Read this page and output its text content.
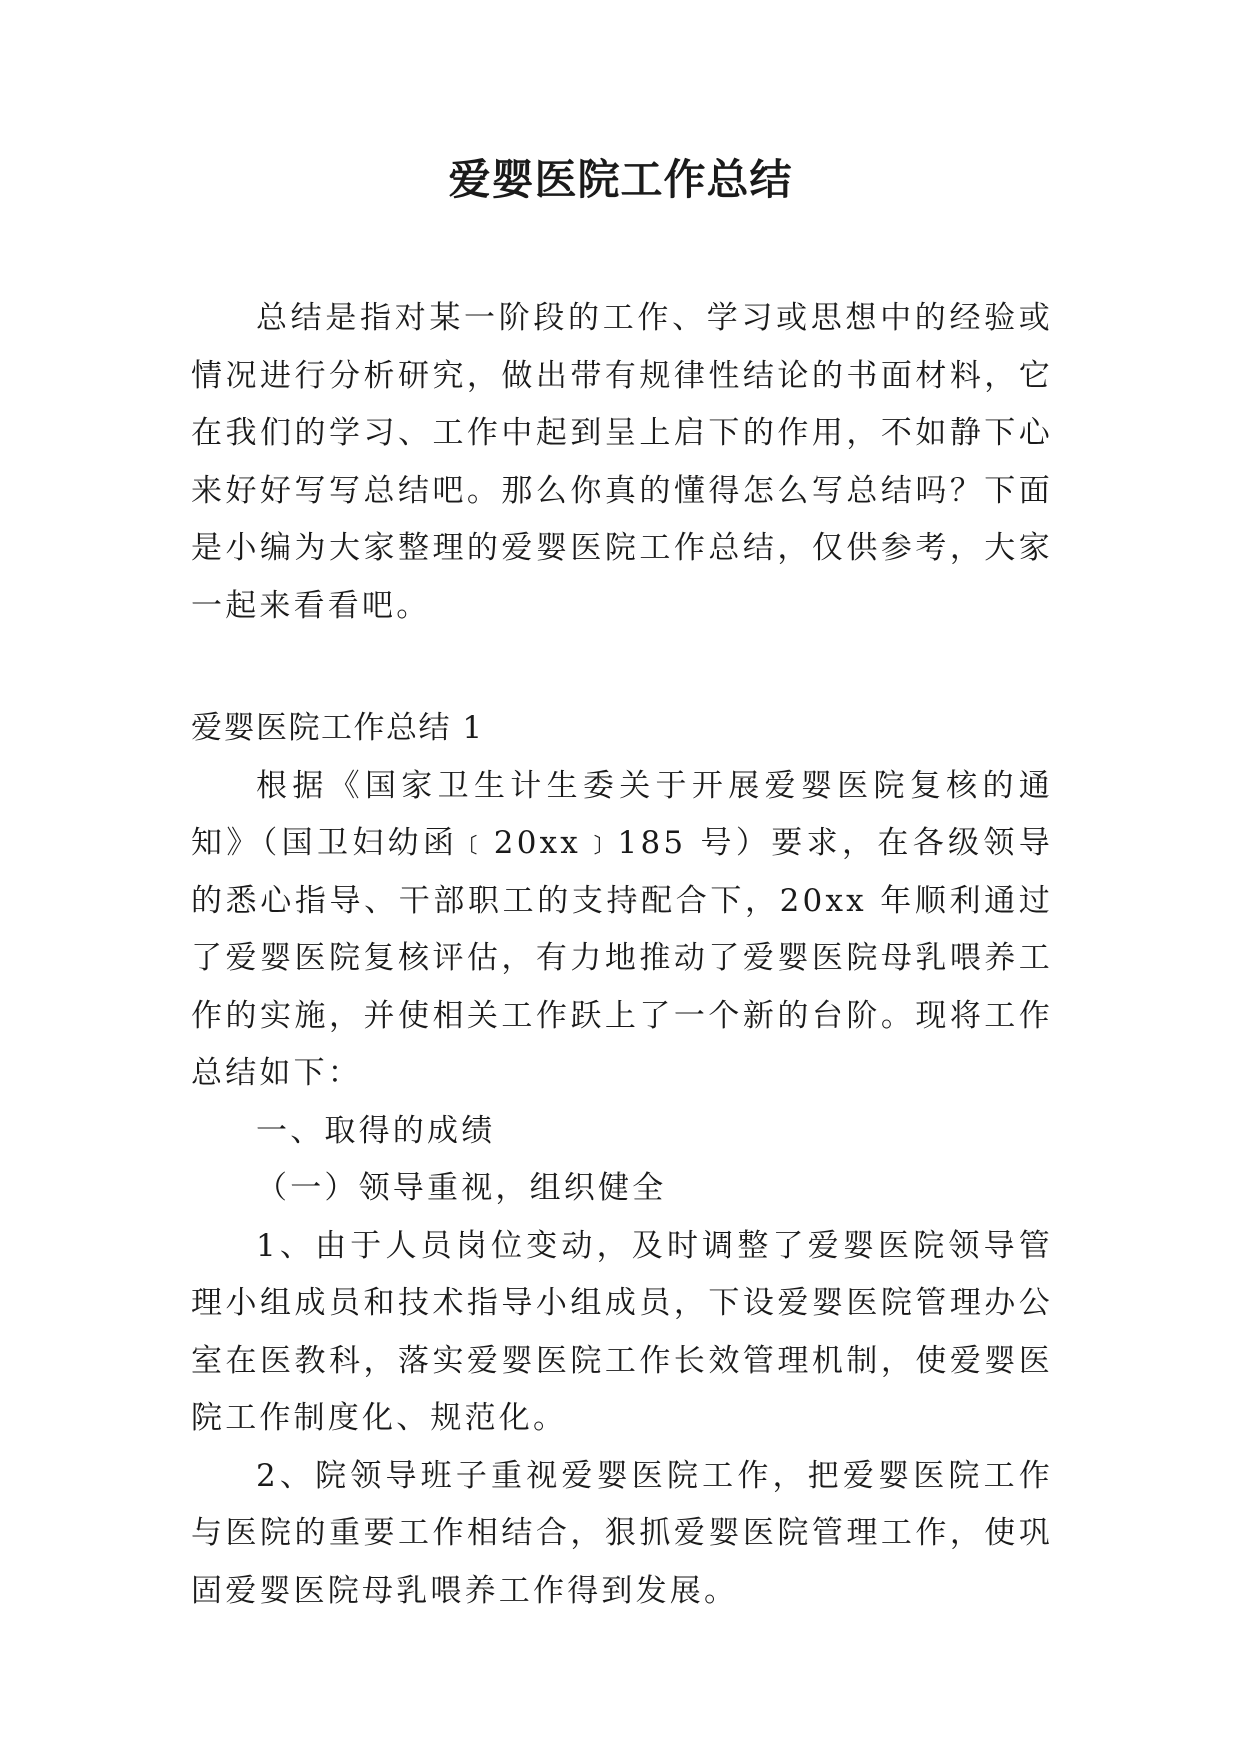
爱婴医院工作总结
总结是指对某一阶段的工作、学习或思想中的经验或情况进行分析研究，做出带有规律性结论的书面材料，它在我们的学习、工作中起到呈上启下的作用，不如静下心来好好写写总结吧。那么你真的懂得怎么写总结吗？下面是小编为大家整理的爱婴医院工作总结，仅供参考，大家一起来看看吧。

爱婴医院工作总结 1

根据《国家卫生计生委关于开展爱婴医院复核的通知》（国卫妇幼函﹝20xx﹞185 号）要求，在各级领导的悉心指导、干部职工的支持配合下，20xx 年顺利通过了爱婴医院复核评估，有力地推动了爱婴医院母乳喂养工作的实施，并使相关工作跃上了一个新的台阶。现将工作总结如下：

一、取得的成绩

（一）领导重视，组织健全

1、由于人员岗位变动，及时调整了爱婴医院领导管理小组成员和技术指导小组成员，下设爱婴医院管理办公室在医教科，落实爱婴医院工作长效管理机制，使爱婴医院工作制度化、规范化。

2、院领导班子重视爱婴医院工作，把爱婴医院工作与医院的重要工作相结合，狠抓爱婴医院管理工作，使巩固爱婴医院母乳喂养工作得到发展。
